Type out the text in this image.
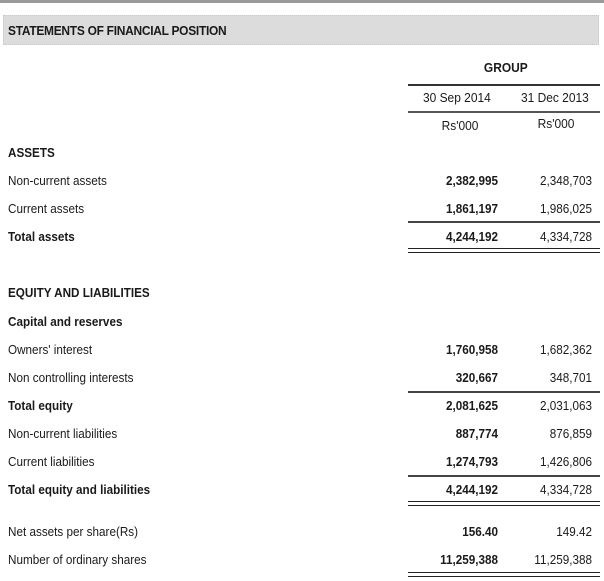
STATEMENTS OF FINANCIAL POSITION
GROUP
30 Sep 2014 31 Dec 2013
Rs'000	Rs'000
ASSETS
Non-current assets	2,382,995	2,348,703
Current assets	1,861,197	1,986,025
Total assets	4,244,192	4,334,728
EQUITY AND LIABILITIES
Capital and reserves
Owners' interest	1,760,958	1,682,362
Non controlling interests	320,667	348,701
Total equity	2,081,625	2,031,063
Non-current liabilities	887,774	876,859
Current liabilities	1,274,793	1,426,806
Total equity and liabilities	4,244,192	4,334,728
Net assets per share(Rs)	156.40	149.42
Number of ordinary shares	11,259,388	11,259,388
